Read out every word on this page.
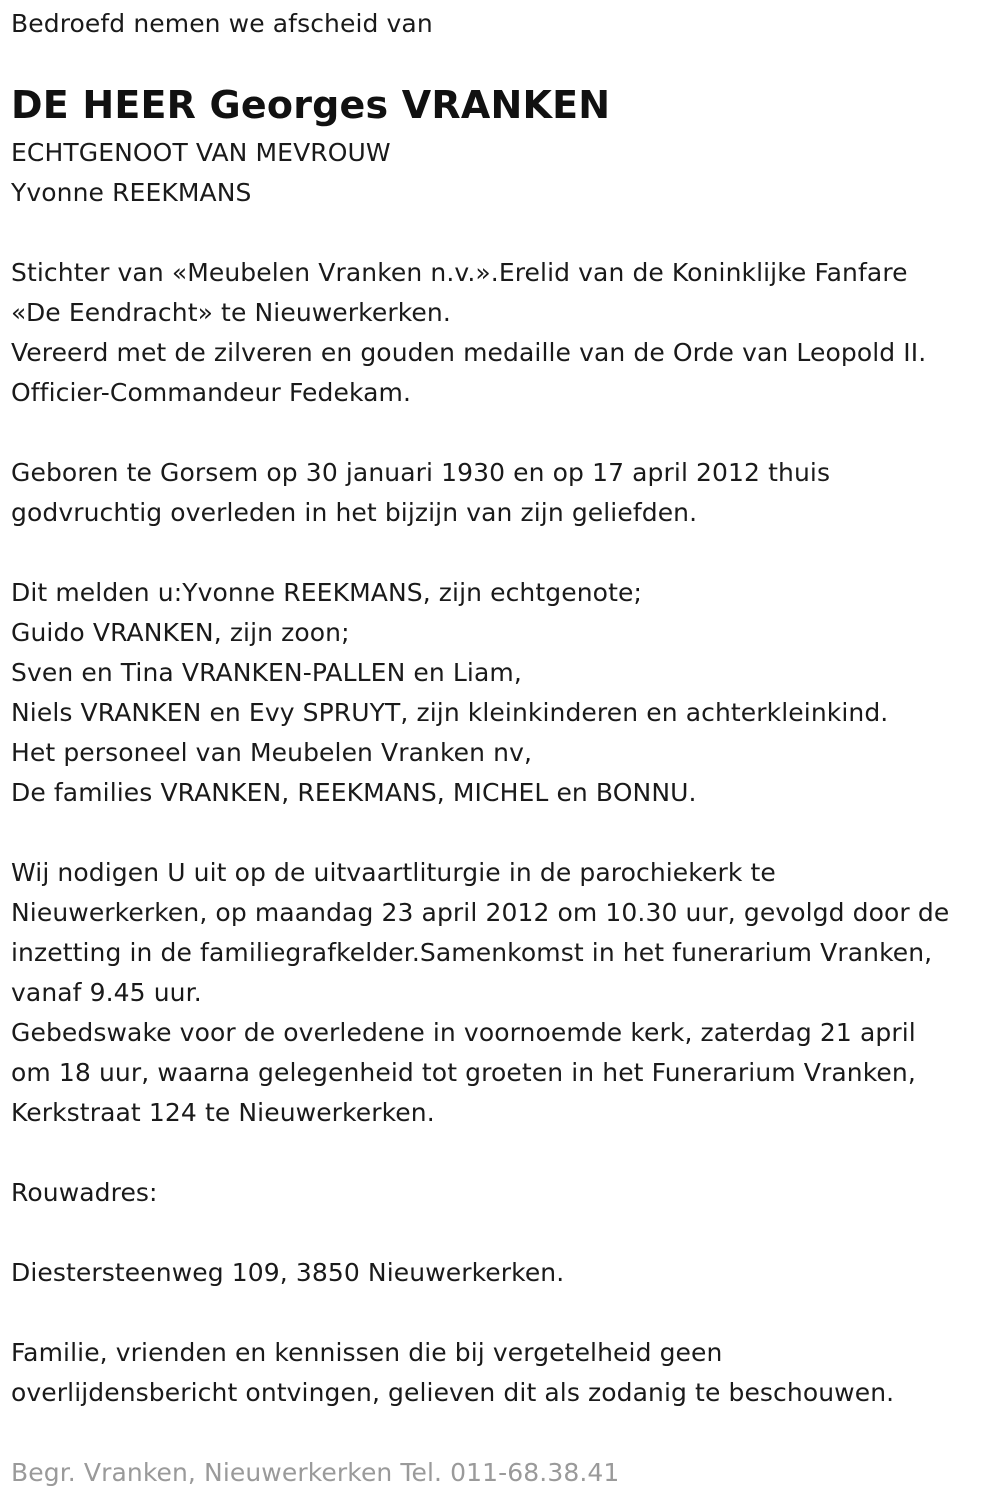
Bedroefd nemen we afscheid van

DE HEER Georges VRANKEN

ECHTGENOOT VAN MEVROUW

Yvonne REEKMANS

Stichter van «Meubelen Vranken n.v.».Erelid van de Koninklijke Fanfare

«De Eendracht» te Nieuwerkerken.

Vereerd met de zilveren en gouden medaille van de Orde van Leopold II.

Officier-Commandeur Fedekam.

Geboren te Gorsem op 30 januari 1930 en op 17 april 2012 thuis

godvruchtig overleden in het bijzijn van zijn geliefden.

Dit melden u:Yvonne REEKMANS, zijn echtgenote;

Guido VRANKEN, zijn zoon;

Sven en Tina VRANKEN-PALLEN en Liam,

Niels VRANKEN en Evy SPRUYT, zijn kleinkinderen en achterkleinkind.

Het personeel van Meubelen Vranken nv,

De families VRANKEN, REEKMANS, MICHEL en BONNU.

Wij nodigen U uit op de uitvaartliturgie in de parochiekerk te

Nieuwerkerken, op maandag 23 april 2012 om 10.30 uur, gevolgd door de

inzetting in de familiegrafkelder.Samenkomst in het funerarium Vranken,

vanaf 9.45 uur.

Gebedswake voor de overledene in voornoemde kerk, zaterdag 21 april

om 18 uur, waarna gelegenheid tot groeten in het Funerarium Vranken,

Kerkstraat 124 te Nieuwerkerken.

Rouwadres:

Diestersteenweg 109, 3850 Nieuwerkerken.

Familie, vrienden en kennissen die bij vergetelheid geen

overlijdensbericht ontvingen, gelieven dit als zodanig te beschouwen.

Begr. Vranken, Nieuwerkerken Tel. 011-68.38.41
